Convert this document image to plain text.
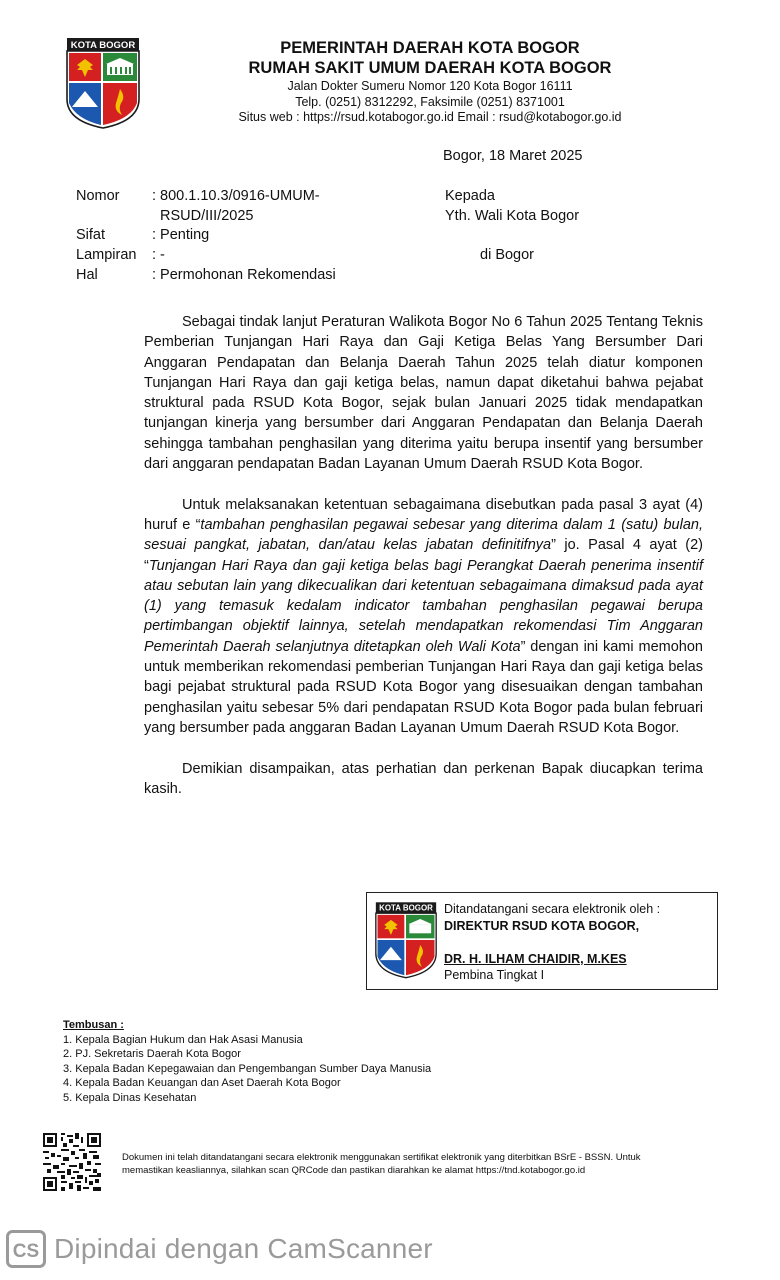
KOTA BOGOR	PEMERINTAH DAERAH KOTA BOGOR
RUMAH SAKIT UMUM DAERAH KOTA BOGOR
Jalan Dokter Sumeru Nomor 120 Kota Bogor 16111
Telp. (0251) 8312292, Faksimile (0251) 8371001
Situs web : https://rsud.kotabogor.go.id Email : rsud@kotabogor.go.id
Bogor, 18 Maret 2025
Nomor	: 800.1.10.3/0916-UMUM-
RSUD/III/2025
Sifat	: Penting
Lampiran	: -
Hal	: Permohonan Rekomendasi
Kepada
Yth. Wali Kota Bogor
di Bogor

Sebagai tindak lanjut Peraturan Walikota Bogor No 6 Tahun 2025 Tentang Teknis Pemberian Tunjangan Hari Raya dan Gaji Ketiga Belas Yang Bersumber Dari Anggaran Pendapatan dan Belanja Daerah Tahun 2025 telah diatur komponen Tunjangan Hari Raya dan gaji ketiga belas, namun dapat diketahui bahwa pejabat struktural pada RSUD Kota Bogor, sejak bulan Januari 2025 tidak mendapatkan tunjangan kinerja yang bersumber dari Anggaran Pendapatan dan Belanja Daerah sehingga tambahan penghasilan yang diterima yaitu berupa insentif yang bersumber dari anggaran pendapatan Badan Layanan Umum Daerah RSUD Kota Bogor.

Untuk melaksanakan ketentuan sebagaimana disebutkan pada pasal 3 ayat (4) huruf e “tambahan penghasilan pegawai sebesar yang diterima dalam 1 (satu) bulan, sesuai pangkat, jabatan, dan/atau kelas jabatan definitifnya” jo. Pasal 4 ayat (2) “Tunjangan Hari Raya dan gaji ketiga belas bagi Perangkat Daerah penerima insentif atau sebutan lain yang dikecualikan dari ketentuan sebagaimana dimaksud pada ayat (1) yang temasuk kedalam indicator tambahan penghasilan pegawai berupa pertimbangan objektif lainnya, setelah mendapatkan rekomendasi Tim Anggaran Pemerintah Daerah selanjutnya ditetapkan oleh Wali Kota” dengan ini kami memohon untuk memberikan rekomendasi pemberian Tunjangan Hari Raya dan gaji ketiga belas bagi pejabat struktural pada RSUD Kota Bogor yang disesuaikan dengan tambahan penghasilan yaitu sebesar 5% dari pendapatan RSUD Kota Bogor pada bulan februari yang bersumber pada anggaran Badan Layanan Umum Daerah RSUD Kota Bogor.

Demikian disampaikan, atas perhatian dan perkenan Bapak diucapkan terima kasih.

KOTA BOGOR Ditandatangani secara elektronik oleh :
DIREKTUR RSUD KOTA BOGOR,
DR. H. ILHAM CHAIDIR, M.KES
Pembina Tingkat I
Tembusan :
1. Kepala Bagian Hukum dan Hak Asasi Manusia
2. PJ. Sekretaris Daerah Kota Bogor
3. Kepala Badan Kepegawaian dan Pengembangan Sumber Daya Manusia
4. Kepala Badan Keuangan dan Aset Daerah Kota Bogor
5. Kepala Dinas Kesehatan
Dokumen ini telah ditandatangani secara elektronik menggunakan sertifikat elektronik yang diterbitkan BSrE - BSSN. Untuk
memastikan keasliannya, silahkan scan QRCode dan pastikan diarahkan ke alamat https://tnd.kotabogor.go.id
CS Dipindai dengan CamScanner
